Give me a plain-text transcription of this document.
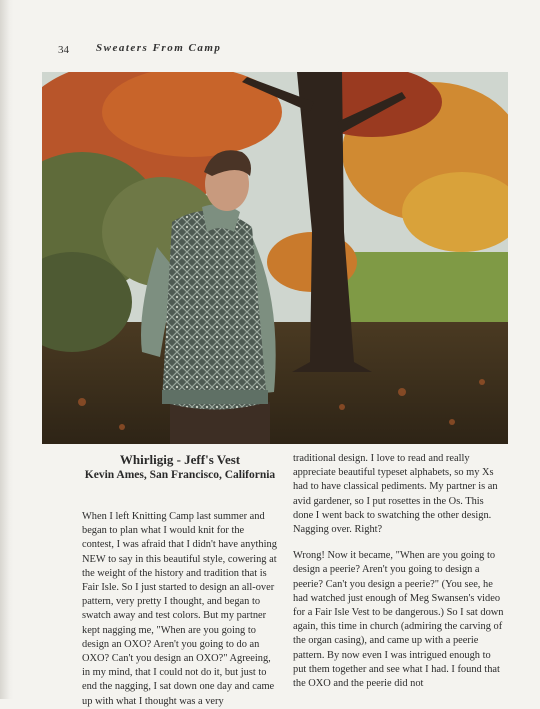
34 Sweaters From Camp
Whirligig - Jeff's Vest
Kevin Ames, San Francisco, California

When I left Knitting Camp last summer and began to plan what I would knit for the contest, I was afraid that I didn't have anything NEW to say in this beautiful style, cowering at the weight of the history and tradition that is Fair Isle. So I just started to design an all-over pattern, very pretty I thought, and began to swatch away and test colors. But my partner kept nagging me, "When are you going to design an OXO? Aren't you going to do an OXO? Can't you design an OXO?" Agreeing, in my mind, that I could not do it, but just to end the nagging, I sat down one day and came up with what I thought was a very

traditional design. I love to read and really appreciate beautiful typeset alphabets, so my Xs had to have classical pediments. My partner is an avid gardener, so I put rosettes in the Os. This done I went back to swatching the other design. Nagging over. Right?

Wrong! Now it became, "When are you going to design a peerie? Aren't you going to design a peerie? Can't you design a peerie?" (You see, he had watched just enough of Meg Swansen's video for a Fair Isle Vest to be dangerous.) So I sat down again, this time in church (admiring the carving of the organ casing), and came up with a peerie pattern. By now even I was intrigued enough to put them together and see what I had. I found that the OXO and the peerie did not
